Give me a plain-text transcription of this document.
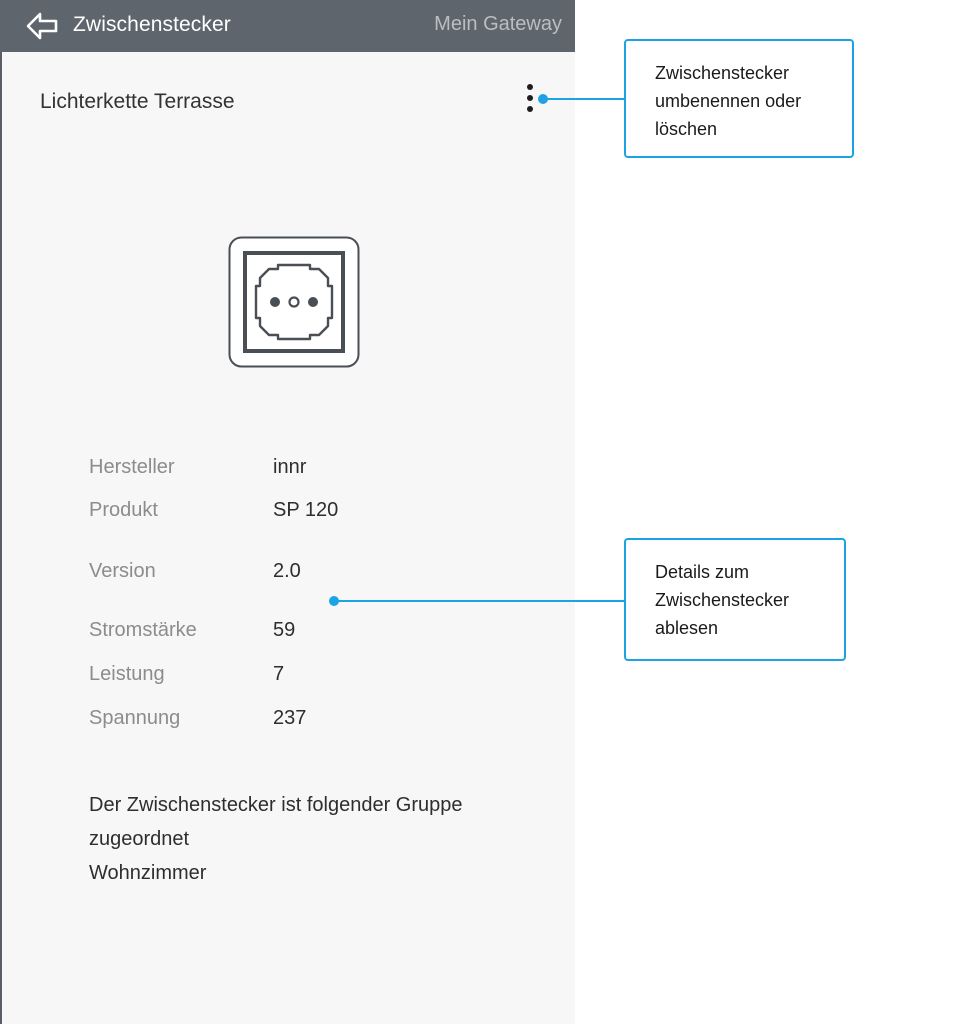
Zwischenstecker	Mein Gateway
Lichterkette Terrasse
Hersteller	innr
Produkt	SP 120
Version	2.0
Stromstärke	59
Leistung	7
Spannung	237
Der Zwischenstecker ist folgender Gruppe zugeordnet
Wohnzimmer
Zwischenstecker umbenennen oder löschen
Details zum Zwischenstecker ablesen
